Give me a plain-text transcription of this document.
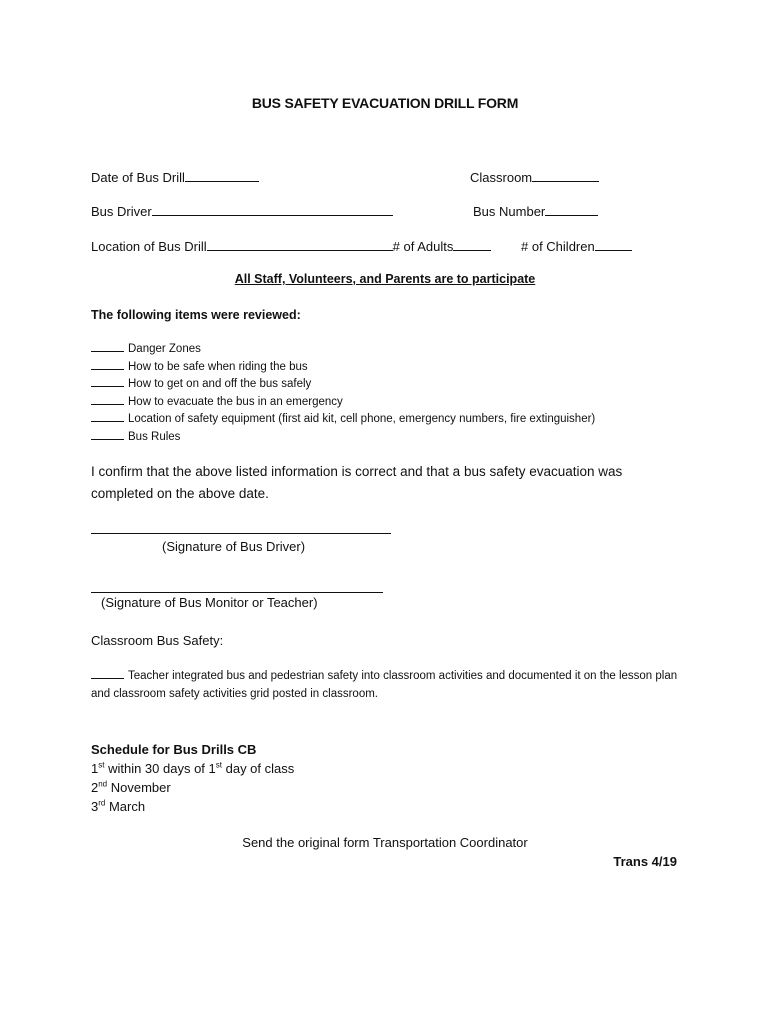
BUS SAFETY EVACUATION DRILL FORM
Date of Bus Drill	Classroom
Bus Driver	Bus Number
Location of Bus Drill	# of Adults	# of Children
All Staff, Volunteers, and Parents are to participate
The following items were reviewed:
Danger Zones
How to be safe when riding the bus
How to get on and off the bus safely
How to evacuate the bus in an emergency
Location of safety equipment (first aid kit, cell phone, emergency numbers, fire extinguisher)
Bus Rules
I confirm that the above listed information is correct and that a bus safety evacuation was completed on the above date.
(Signature of Bus Driver)
(Signature of Bus Monitor or Teacher)
Classroom Bus Safety:
Teacher integrated bus and pedestrian safety into classroom activities and documented it on the lesson plan and classroom safety activities grid posted in classroom.
Schedule for Bus Drills CB
1st within 30 days of 1st day of class
2nd November
3rd March
Send the original form Transportation Coordinator
Trans 4/19
